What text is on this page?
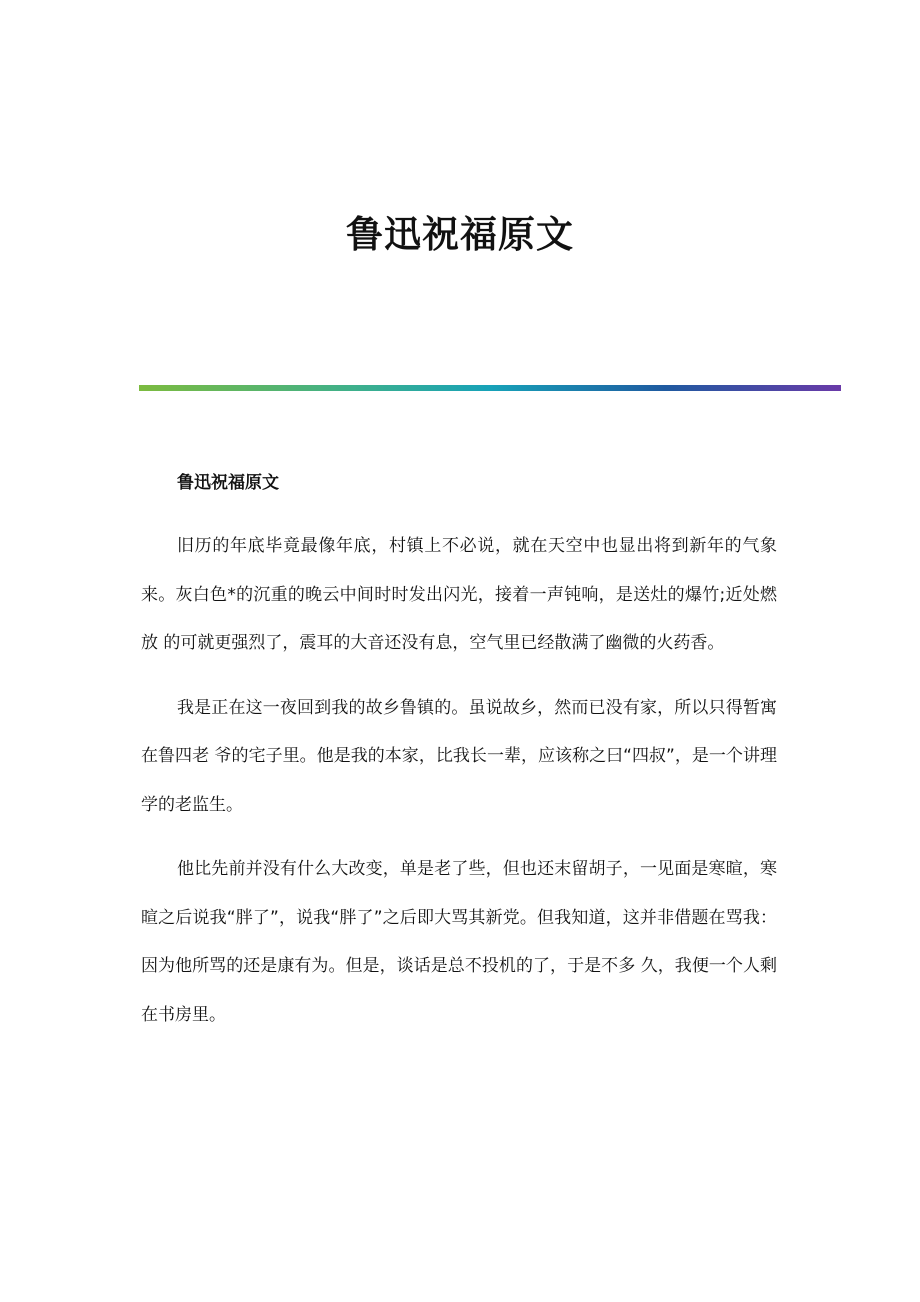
鲁迅祝福原文
鲁迅祝福原文

旧历的年底毕竟最像年底，村镇上不必说，就在天空中也显出将到新年的气象来。灰白色*的沉重的晚云中间时时发出闪光，接着一声钝响，是送灶的爆竹;近处燃放 的可就更强烈了，震耳的大音还没有息，空气里已经散满了幽微的火药香。

我是正在这一夜回到我的故乡鲁镇的。虽说故乡，然而已没有家，所以只得暂寓在鲁四老 爷的宅子里。他是我的本家，比我长一辈，应该称之曰“四叔”，是一个讲理学的老监生。

他比先前并没有什么大改变，单是老了些，但也还末留胡子，一见面是寒暄，寒暄之后说我“胖了”，说我“胖了”之后即大骂其新党。但我知道，这并非借题在骂我：因为他所骂的还是康有为。但是，谈话是总不投机的了，于是不多 久，我便一个人剩在书房里。
